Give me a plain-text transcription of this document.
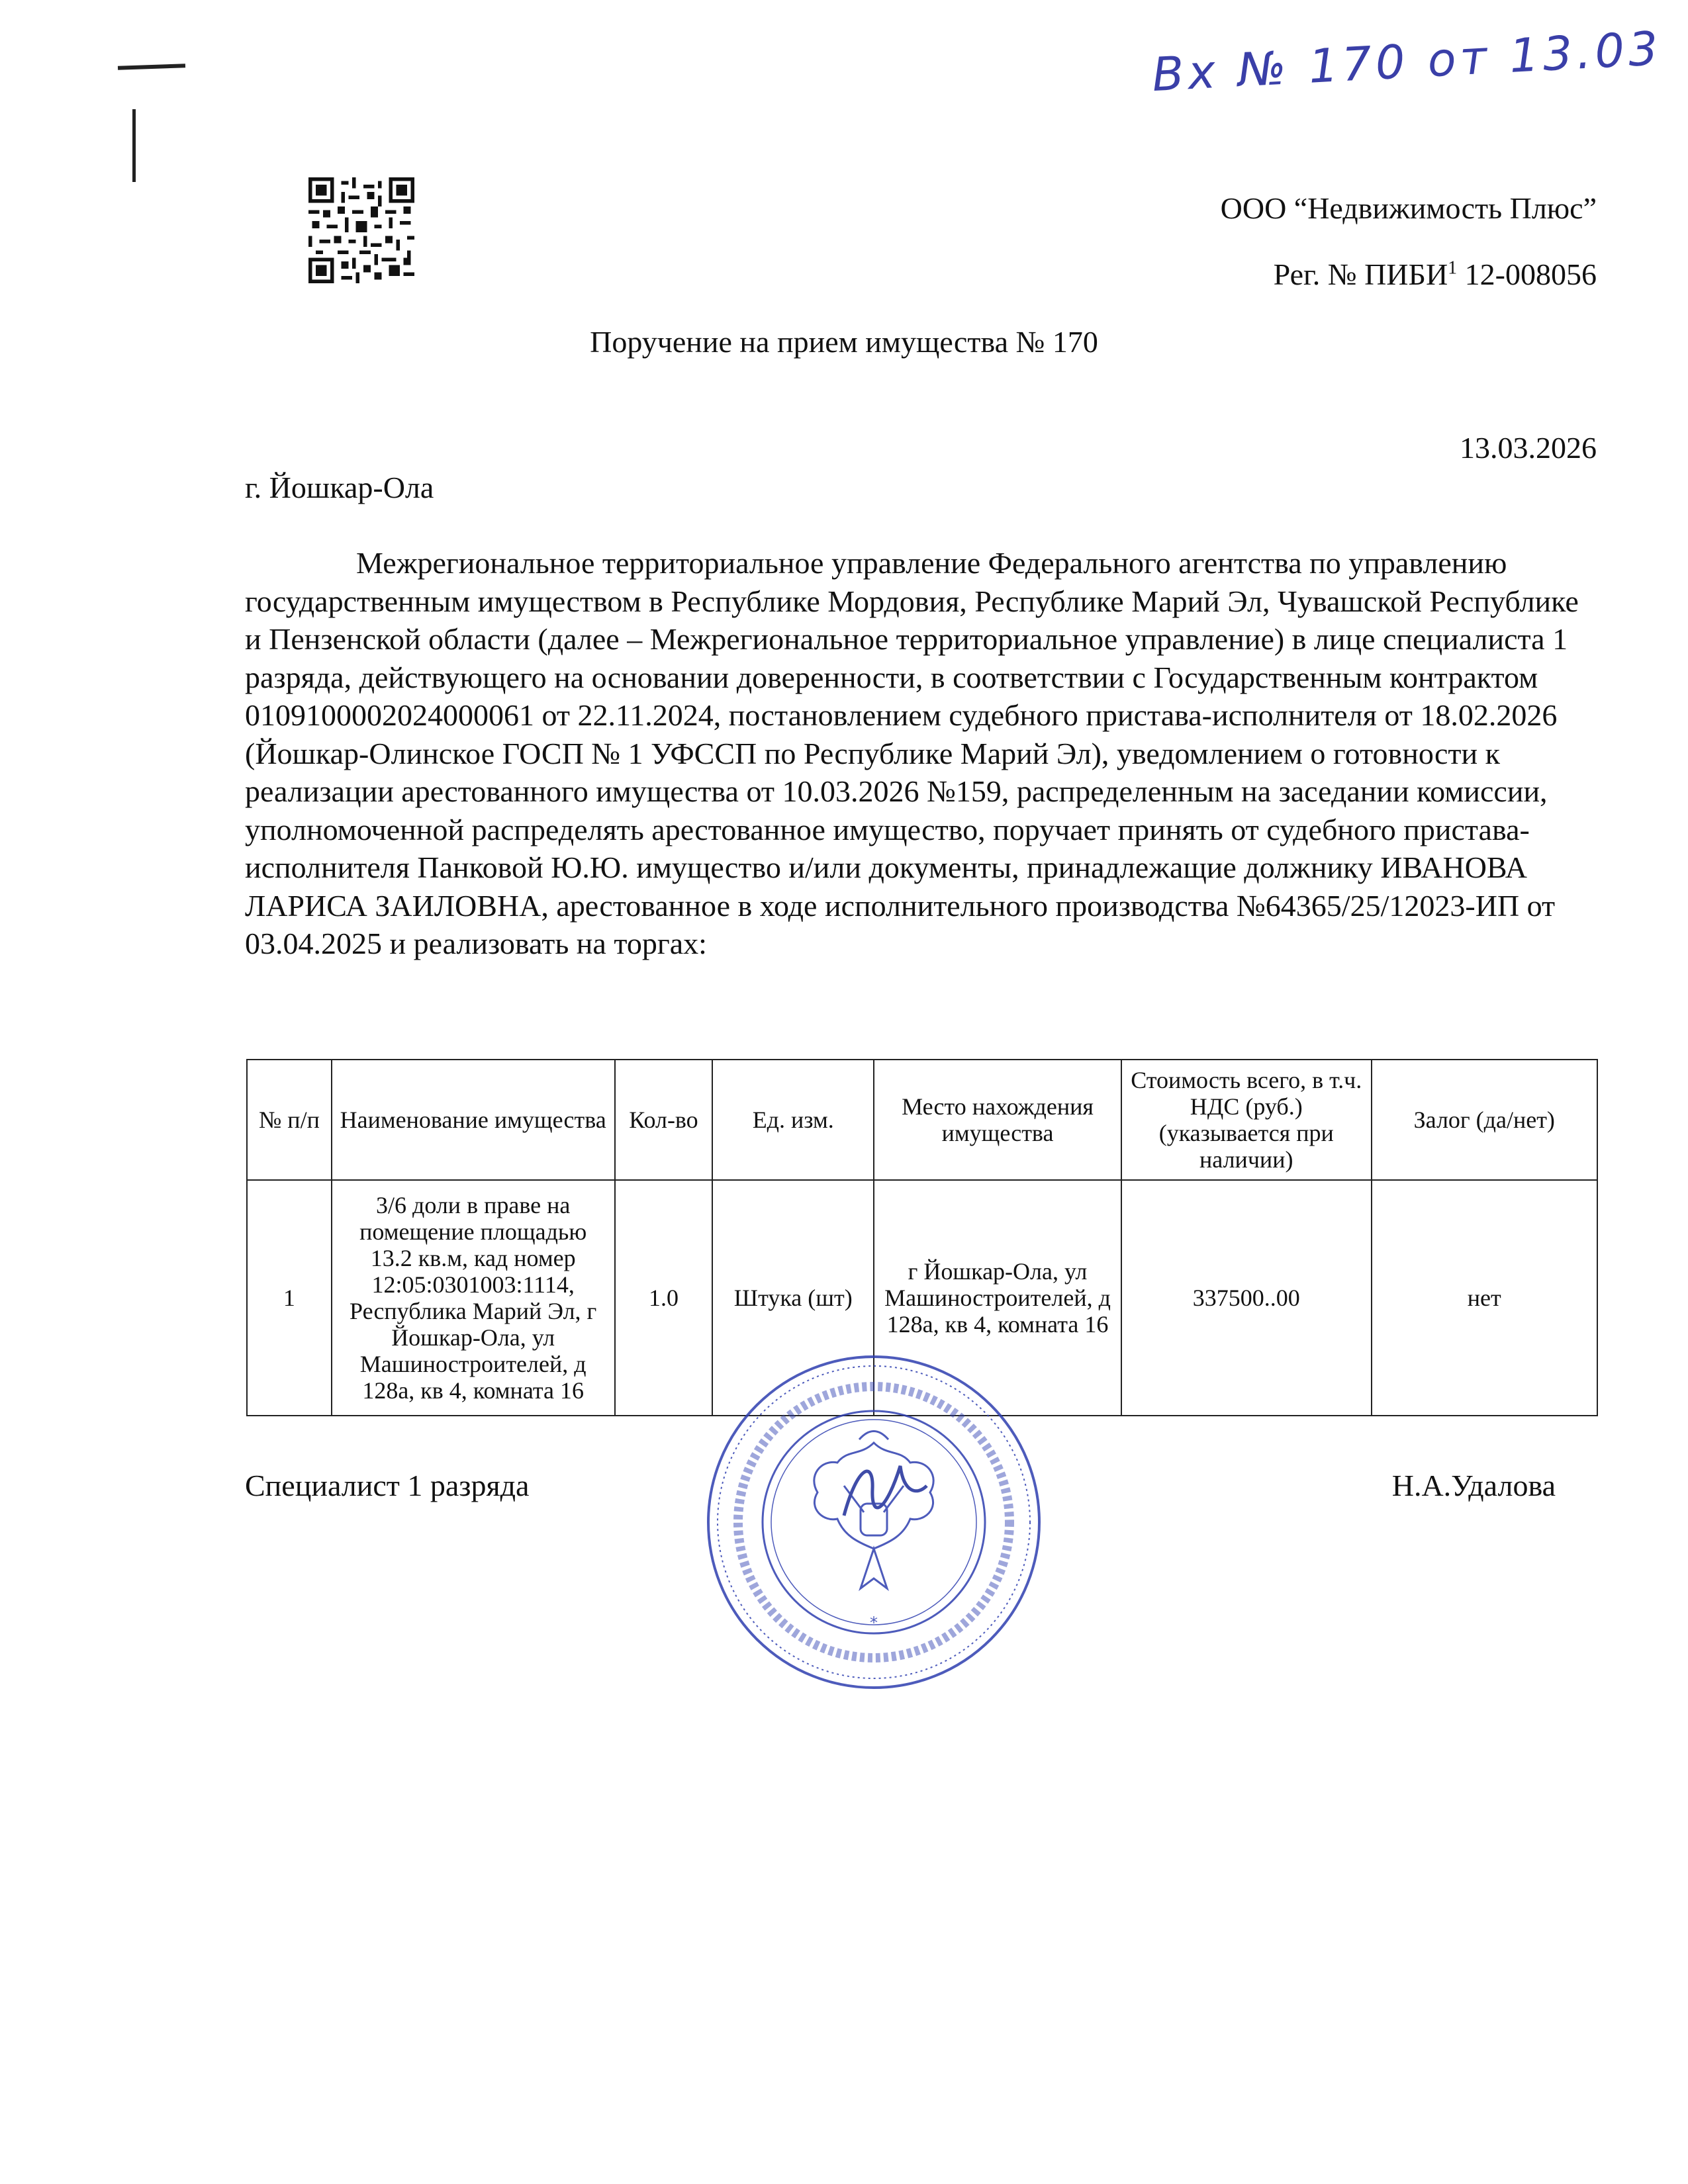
Вх № 170 от 13.03
ООО “Недвижимость Плюс”
Рег. № ПИБИ$^1$ 12-008056
Поручение на прием имущества № 170
13.03.2026
г. Йошкар-Ола

Межрегиональное территориальное управление Федерального агентства по управлению государственным имуществом в Республике Мордовия, Республике Марий Эл, Чувашской Республике и Пензенской области (далее – Межрегиональное территориальное управление) в лице специалиста 1 разряда, действующего на основании доверенности, в соответствии с Государственным контрактом 0109100002024000061 от 22.11.2024, постановлением судебного пристава-исполнителя от 18.02.2026 (Йошкар-Олинское ГОСП № 1 УФССП по Республике Марий Эл), уведомлением о готовности к реализации арестованного имущества от 10.03.2026 №159, распределенным на заседании комиссии, уполномоченной распределять арестованное имущество, поручает принять от судебного пристава-исполнителя Панковой Ю.Ю. имущество и/или документы, принадлежащие должнику ИВАНОВА ЛАРИСА ЗАИЛОВНА, арестованное в ходе исполнительного производства №64365/25/12023-ИП от 03.04.2025 и реализовать на торгах:

№ п/п	Наименование имущества	Кол-во	Ед. изм.	Место нахождения имущества	Стоимость всего, в т.ч. НДС (руб.) (указывается при наличии)	Залог (да/нет)
1	3/6 доли в праве на помещение площадью 13.2 кв.м, кад номер 12:05:0301003:1114, Республика Марий Эл, г Йошкар-Ола, ул Машиностроителей, д 128а, кв 4, комната 16	1.0	Штука (шт)	г Йошкар-Ола, ул Машиностроителей, д 128а, кв 4, комната 16	337500..00	нет
Специалист 1 разряда	Н.А.Удалова
*
